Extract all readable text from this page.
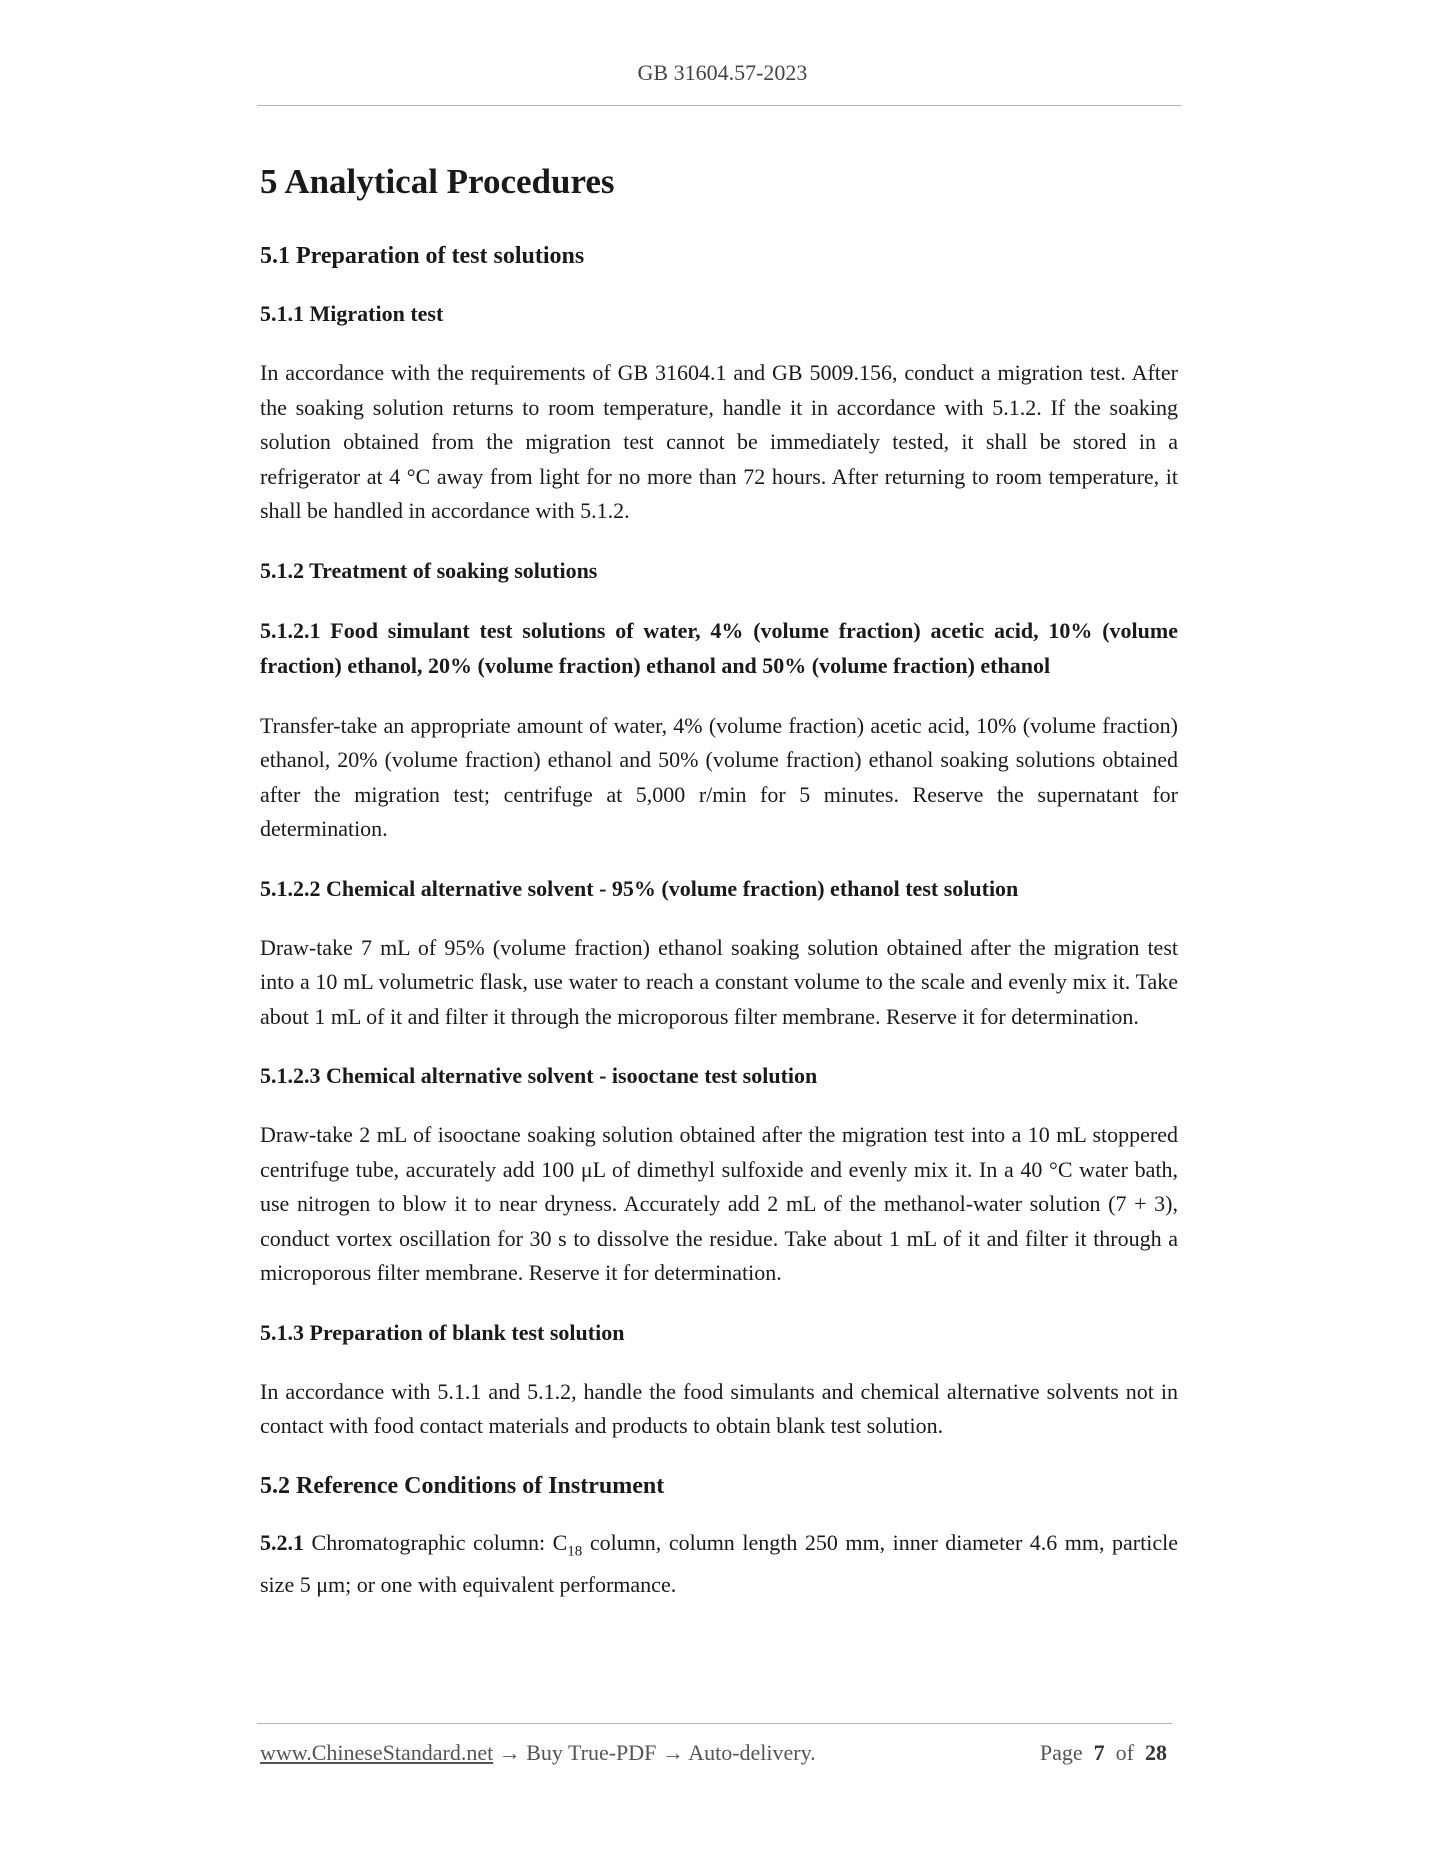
GB 31604.57-2023
5 Analytical Procedures
5.1 Preparation of test solutions
5.1.1 Migration test
In accordance with the requirements of GB 31604.1 and GB 5009.156, conduct a migration test. After the soaking solution returns to room temperature, handle it in accordance with 5.1.2. If the soaking solution obtained from the migration test cannot be immediately tested, it shall be stored in a refrigerator at 4 °C away from light for no more than 72 hours. After returning to room temperature, it shall be handled in accordance with 5.1.2.
5.1.2 Treatment of soaking solutions
5.1.2.1 Food simulant test solutions of water, 4% (volume fraction) acetic acid, 10% (volume fraction) ethanol, 20% (volume fraction) ethanol and 50% (volume fraction) ethanol
Transfer-take an appropriate amount of water, 4% (volume fraction) acetic acid, 10% (volume fraction) ethanol, 20% (volume fraction) ethanol and 50% (volume fraction) ethanol soaking solutions obtained after the migration test; centrifuge at 5,000 r/min for 5 minutes. Reserve the supernatant for determination.
5.1.2.2 Chemical alternative solvent - 95% (volume fraction) ethanol test solution
Draw-take 7 mL of 95% (volume fraction) ethanol soaking solution obtained after the migration test into a 10 mL volumetric flask, use water to reach a constant volume to the scale and evenly mix it. Take about 1 mL of it and filter it through the microporous filter membrane. Reserve it for determination.
5.1.2.3 Chemical alternative solvent - isooctane test solution
Draw-take 2 mL of isooctane soaking solution obtained after the migration test into a 10 mL stoppered centrifuge tube, accurately add 100 μL of dimethyl sulfoxide and evenly mix it. In a 40 °C water bath, use nitrogen to blow it to near dryness. Accurately add 2 mL of the methanol-water solution (7 + 3), conduct vortex oscillation for 30 s to dissolve the residue. Take about 1 mL of it and filter it through a microporous filter membrane. Reserve it for determination.
5.1.3 Preparation of blank test solution
In accordance with 5.1.1 and 5.1.2, handle the food simulants and chemical alternative solvents not in contact with food contact materials and products to obtain blank test solution.
5.2 Reference Conditions of Instrument
5.2.1 Chromatographic column: $C_{18}$ column, column length 250 mm, inner diameter 4.6 mm, particle size 5 μm; or one with equivalent performance.
www.ChineseStandard.net → Buy True-PDF → Auto-delivery.	Page 7 of 28
